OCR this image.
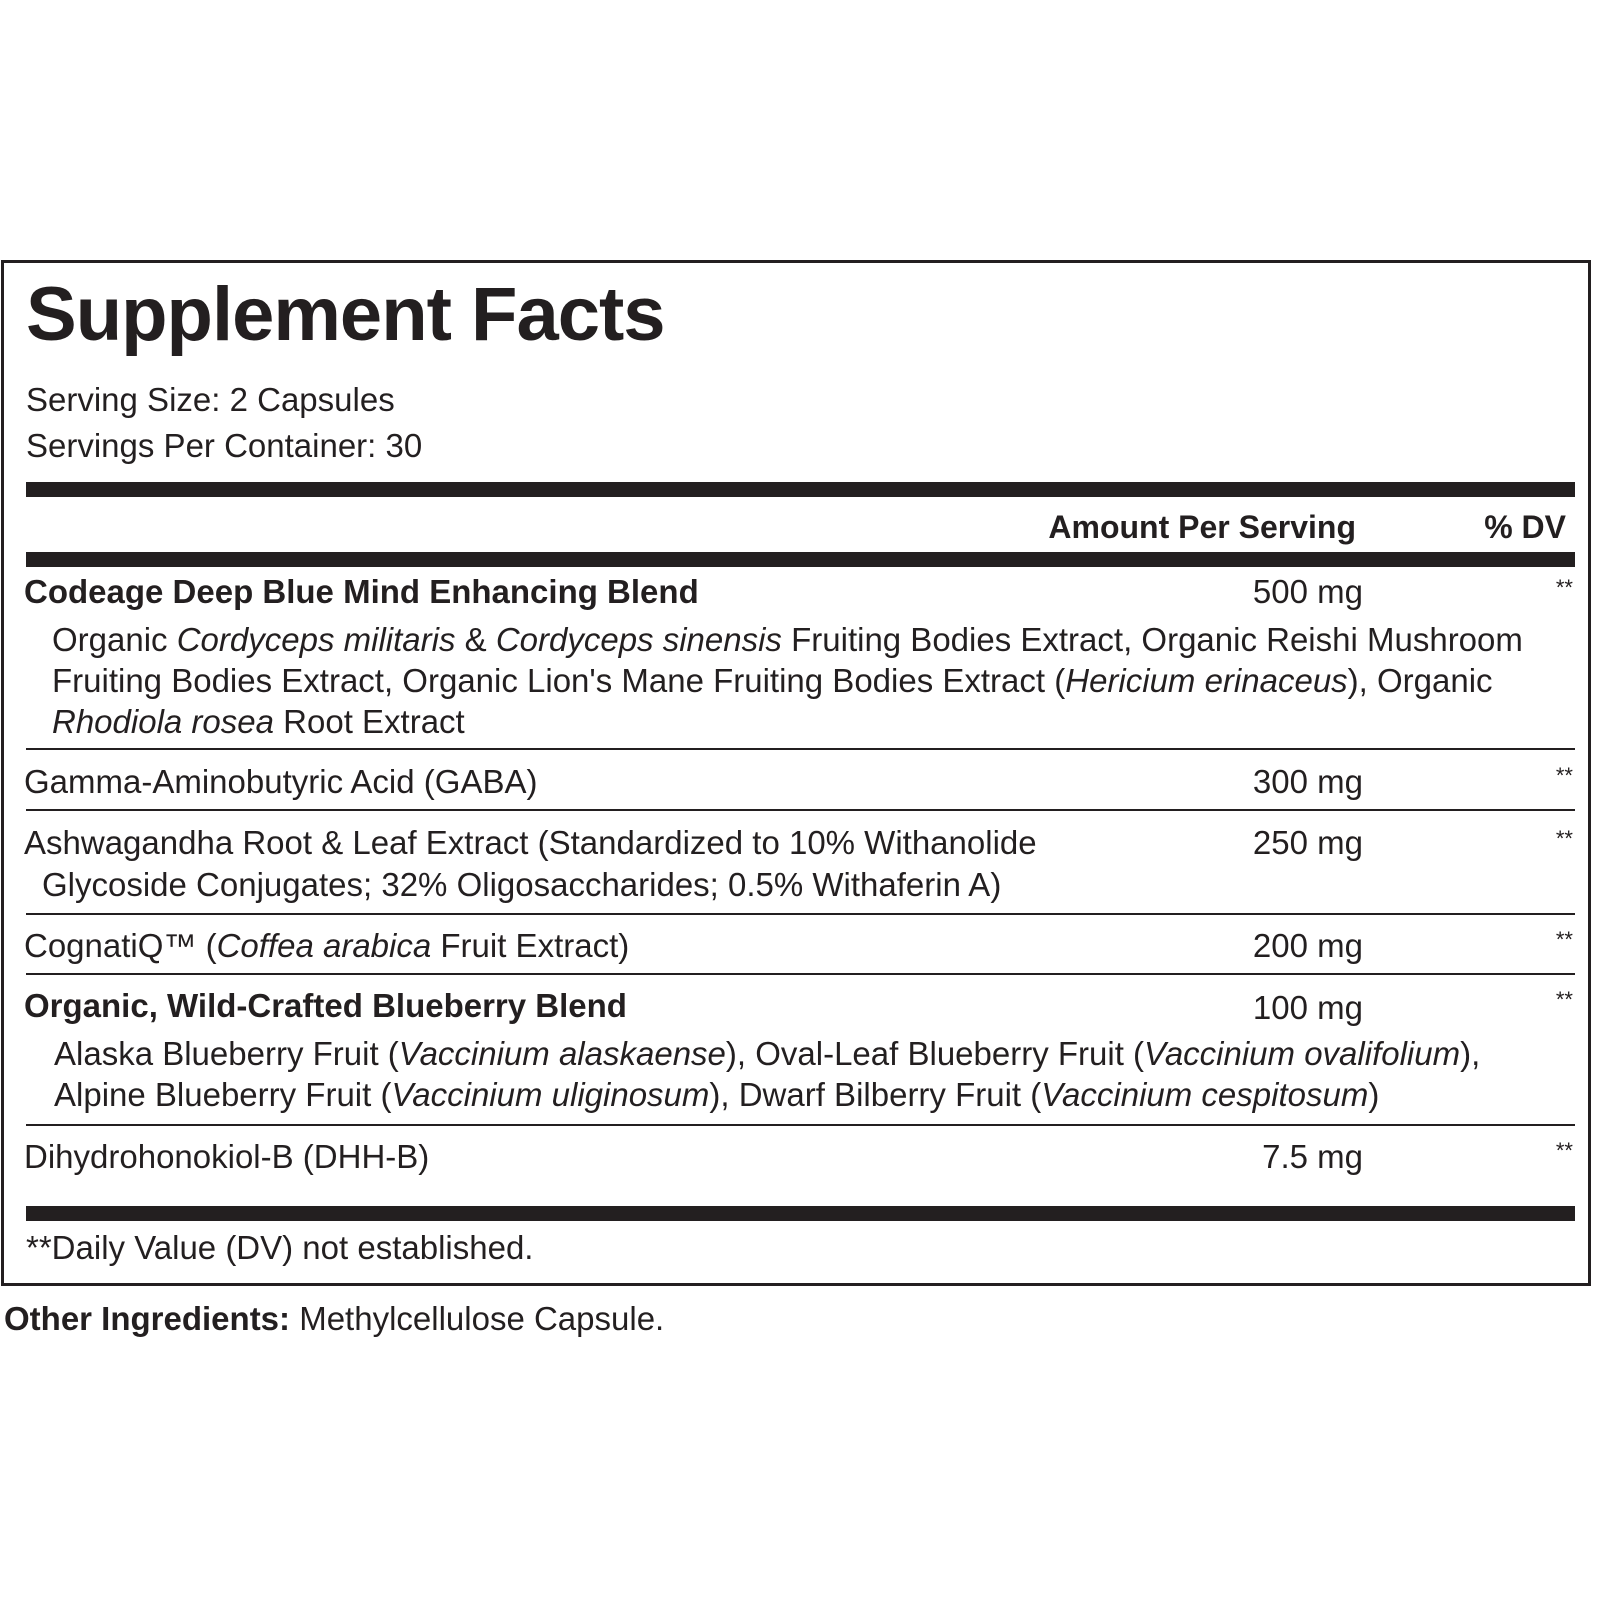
Supplement Facts
Serving Size: 2 Capsules
Servings Per Container: 30
Amount Per Serving	% DV
Codeage Deep Blue Mind Enhancing Blend	500 mg	**
Organic Cordyceps militaris & Cordyceps sinensis Fruiting Bodies Extract, Organic Reishi Mushroom
Fruiting Bodies Extract, Organic Lion's Mane Fruiting Bodies Extract (Hericium erinaceus), Organic
Rhodiola rosea Root Extract
Gamma-Aminobutyric Acid (GABA)	300 mg	**
Ashwagandha Root & Leaf Extract (Standardized to 10% Withanolide
Glycoside Conjugates; 32% Oligosaccharides; 0.5% Withaferin A)
250 mg	**
CognatiQ™ (Coffea arabica Fruit Extract)	200 mg	**
Organic, Wild-Crafted Blueberry Blend	100 mg	**
Alaska Blueberry Fruit (Vaccinium alaskaense), Oval-Leaf Blueberry Fruit (Vaccinium ovalifolium),
Alpine Blueberry Fruit (Vaccinium uliginosum), Dwarf Bilberry Fruit (Vaccinium cespitosum)
Dihydrohonokiol-B (DHH-B)	7.5 mg	**
**Daily Value (DV) not established.
Other Ingredients: Methylcellulose Capsule.
